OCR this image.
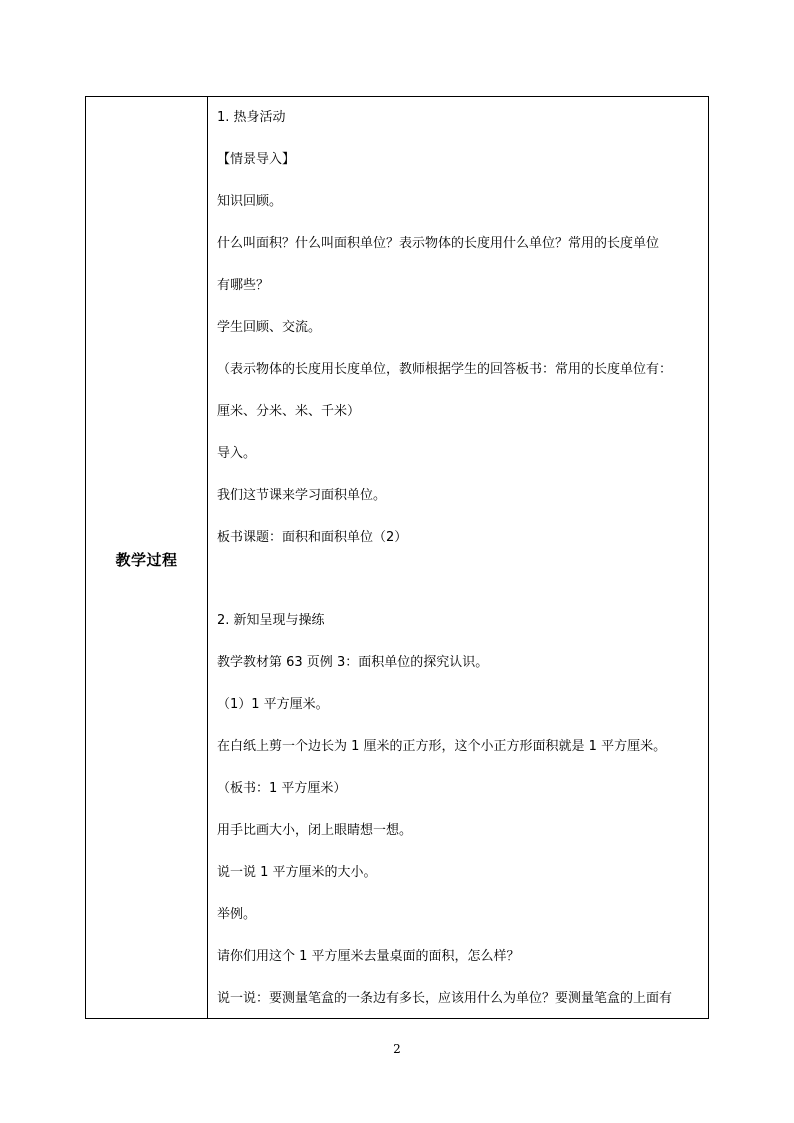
教学过程
1. 热身活动
【情景导入】
知识回顾。
什么叫面积？什么叫面积单位？表示物体的长度用什么单位？常用的长度单位
有哪些？
学生回顾、交流。
（表示物体的长度用长度单位，教师根据学生的回答板书：常用的长度单位有：
厘米、分米、米、千米）
导入。
我们这节课来学习面积单位。
板书课题：面积和面积单位（2）
2. 新知呈现与操练
教学教材第 63 页例 3：面积单位的探究认识。
（1）1 平方厘米。
在白纸上剪一个边长为 1 厘米的正方形，这个小正方形面积就是 1 平方厘米。
（板书：1 平方厘米）
用手比画大小，闭上眼睛想一想。
说一说 1 平方厘米的大小。
举例。
请你们用这个 1 平方厘米去量桌面的面积，怎么样？
说一说：要测量笔盒的一条边有多长，应该用什么为单位？要测量笔盒的上面有
2
